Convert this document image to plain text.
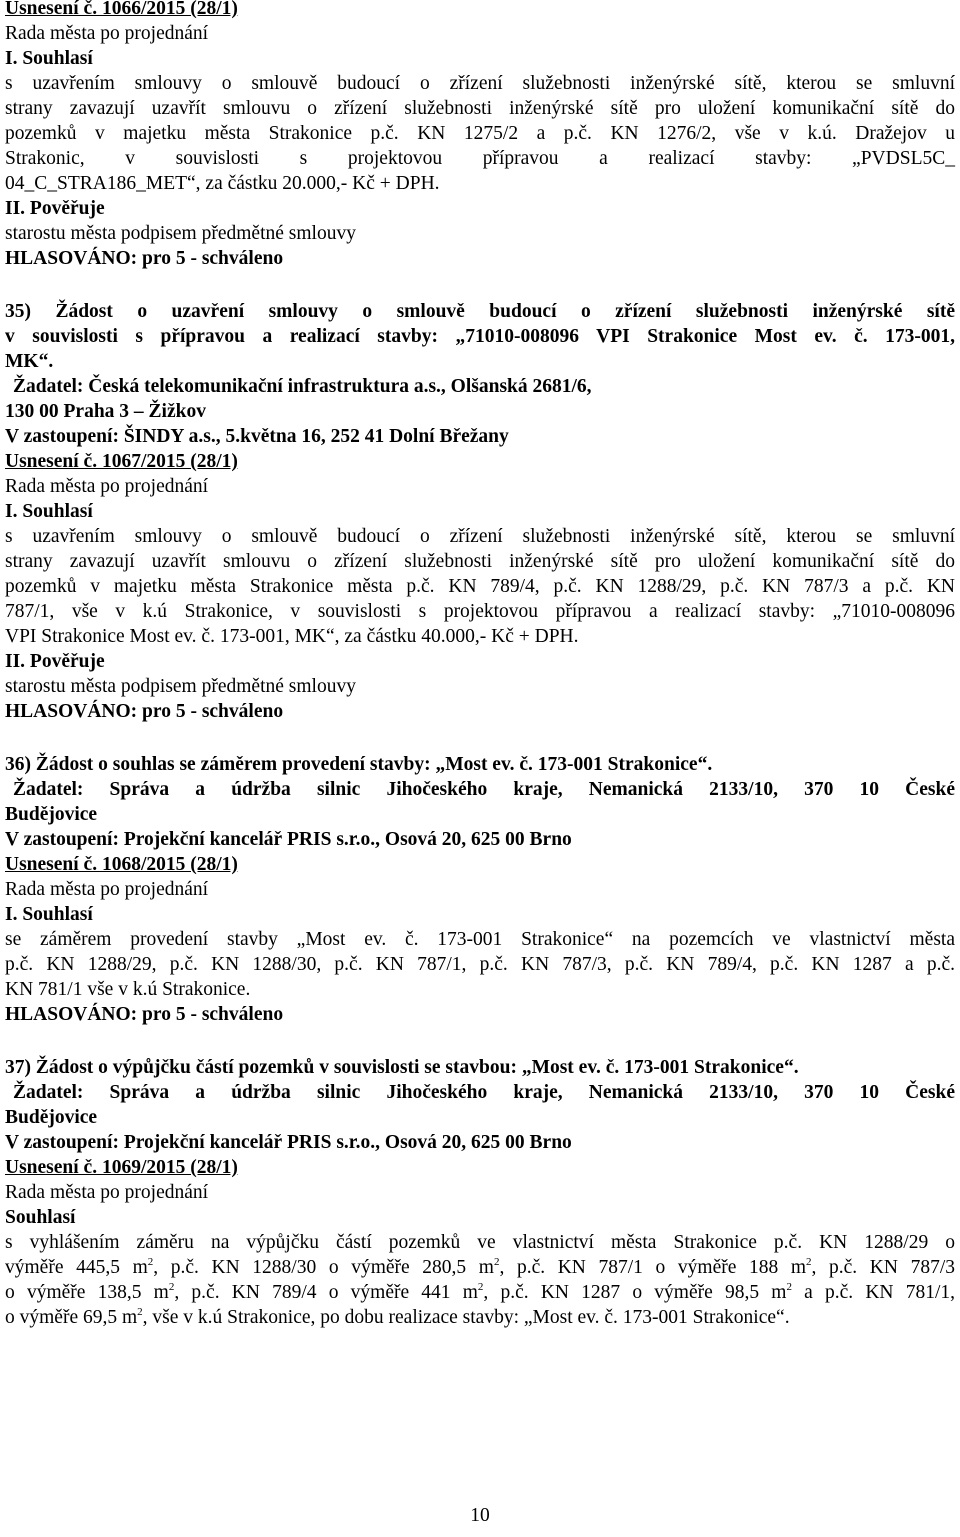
Usnesení č. 1066/2015 (28/1)
Rada města po projednání
I. Souhlasí
s uzavřením smlouvy o smlouvě budoucí o zřízení služebnosti inženýrské sítě, kterou se smluvní
strany zavazují uzavřít smlouvu o zřízení služebnosti inženýrské sítě pro uložení komunikační sítě do
pozemků v majetku města Strakonice p.č. KN 1275/2 a p.č. KN 1276/2, vše v k.ú. Dražejov u
Strakonic, v souvislosti s projektovou přípravou a realizací stavby: „PVDSL5C_
04_C_STRA186_MET“, za částku 20.000,- Kč + DPH.
II. Pověřuje
starostu města podpisem předmětné smlouvy
HLASOVÁNO: pro 5 - schváleno
35) Žádost o uzavření smlouvy o smlouvě budoucí o zřízení služebnosti inženýrské sítě
v souvislosti s přípravou a realizací stavby: „71010-008096 VPI Strakonice Most ev. č. 173-001,
MK“.
Žadatel: Česká telekomunikační infrastruktura a.s., Olšanská 2681/6,
130 00 Praha 3 – Žižkov
V zastoupení: ŠINDY a.s., 5.května 16, 252 41 Dolní Břežany
Usnesení č. 1067/2015 (28/1)
Rada města po projednání
I. Souhlasí
s uzavřením smlouvy o smlouvě budoucí o zřízení služebnosti inženýrské sítě, kterou se smluvní
strany zavazují uzavřít smlouvu o zřízení služebnosti inženýrské sítě pro uložení komunikační sítě do
pozemků v majetku města Strakonice města p.č. KN 789/4, p.č. KN 1288/29, p.č. KN 787/3 a p.č. KN
787/1, vše v k.ú Strakonice, v souvislosti s projektovou přípravou a realizací stavby: „71010-008096
VPI Strakonice Most ev. č. 173-001, MK“, za částku 40.000,- Kč + DPH.
II. Pověřuje
starostu města podpisem předmětné smlouvy
HLASOVÁNO: pro 5 - schváleno
36) Žádost o souhlas se záměrem provedení stavby: „Most ev. č. 173-001 Strakonice“.
Žadatel: Správa a údržba silnic Jihočeského kraje, Nemanická 2133/10, 370 10 České
Budějovice
V zastoupení: Projekční kancelář PRIS s.r.o., Osová 20, 625 00 Brno
Usnesení č. 1068/2015 (28/1)
Rada města po projednání
I. Souhlasí
se záměrem provedení stavby „Most ev. č. 173-001 Strakonice“ na pozemcích ve vlastnictví města
p.č. KN 1288/29, p.č. KN 1288/30, p.č. KN 787/1, p.č. KN 787/3, p.č. KN 789/4, p.č. KN 1287 a p.č.
KN 781/1 vše v k.ú Strakonice.
HLASOVÁNO: pro 5 - schváleno
37) Žádost o výpůjčku částí pozemků v souvislosti se stavbou: „Most ev. č. 173-001 Strakonice“.
Žadatel: Správa a údržba silnic Jihočeského kraje, Nemanická 2133/10, 370 10 České
Budějovice
V zastoupení: Projekční kancelář PRIS s.r.o., Osová 20, 625 00 Brno
Usnesení č. 1069/2015 (28/1)
Rada města po projednání
Souhlasí
s vyhlášením záměru na výpůjčku částí pozemků ve vlastnictví města Strakonice p.č. KN 1288/29 o
výměře 445,5 $m^2$, p.č. KN 1288/30 o výměře 280,5 $m^2$, p.č. KN 787/1 o výměře 188 $m^2$, p.č. KN 787/3
o výměře 138,5 $m^2$, p.č. KN 789/4 o výměře 441 $m^2$, p.č. KN 1287 o výměře 98,5 $m^2$ a p.č. KN 781/1,
o výměře 69,5 $m^2$, vše v k.ú Strakonice, po dobu realizace stavby: „Most ev. č. 173-001 Strakonice“.
10
